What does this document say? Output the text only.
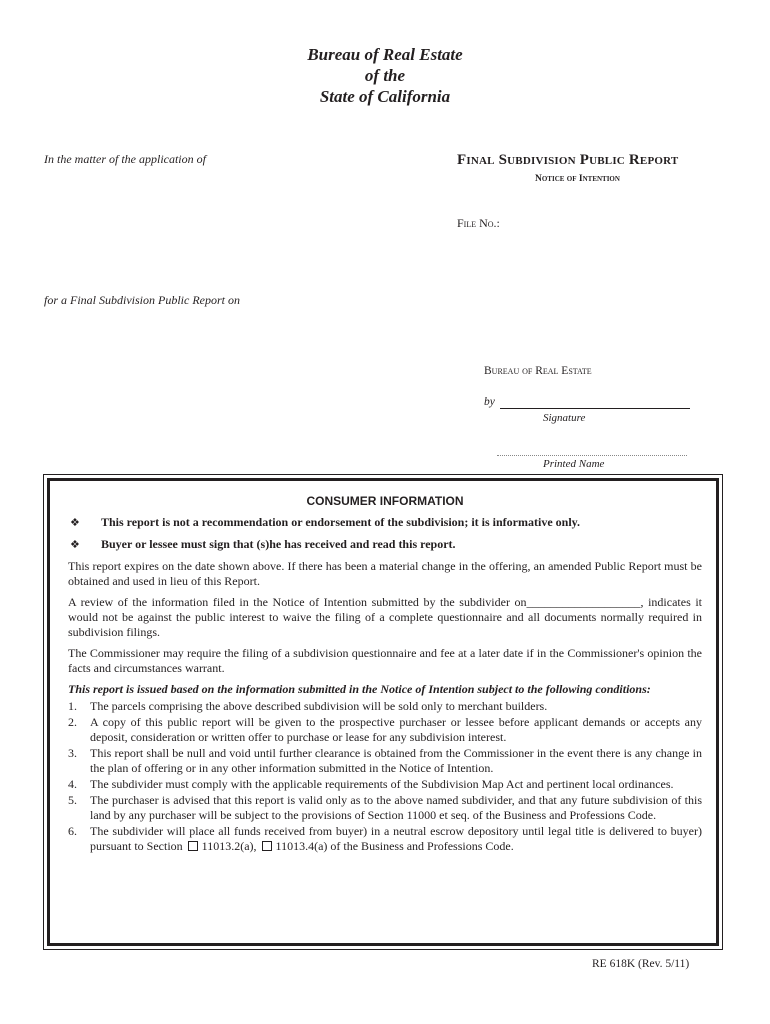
Bureau of Real Estate
of the
State of California
In the matter of the application of	Final Subdivision Public Report
Notice of Intention
File No.:
for a Final Subdivision Public Report on
Bureau of Real Estate
by
Signature
Printed Name
CONSUMER INFORMATION
❖	This report is not a recommendation or endorsement of the subdivision; it is informative only.
❖	Buyer or lessee must sign that (s)he has received and read this report.
This report expires on the date shown above. If there has been a material change in the offering, an amended Public Report must be obtained and used in lieu of this Report.
A review of the information filed in the Notice of Intention submitted by the subdivider on___________________, indicates it would not be against the public interest to waive the filing of a complete questionnaire and all documents normally required in subdivision filings.
The Commissioner may require the filing of a subdivision questionnaire and fee at a later date if in the Commissioner's opinion the facts and circumstances warrant.
This report is issued based on the information submitted in the Notice of Intention subject to the following conditions:
1.	The parcels comprising the above described subdivision will be sold only to merchant builders.
2.	A copy of this public report will be given to the prospective purchaser or lessee before applicant demands or accepts any deposit, consideration or written offer to purchase or lease for any subdivision interest.
3.	This report shall be null and void until further clearance is obtained from the Commissioner in the event there is any change in the plan of offering or in any other information submitted in the Notice of Intention.
4.	The subdivider must comply with the applicable requirements of the Subdivision Map Act and pertinent local ordinances.
5.	The purchaser is advised that this report is valid only as to the above named subdivider, and that any future subdivision of this land by any purchaser will be subject to the provisions of Section 11000 et seq. of the Business and Professions Code.
6.	The subdivider will place all funds received from buyer) in a neutral escrow depository until legal title is delivered to buyer) pursuant to Section 11013.2(a), 11013.4(a) of the Business and Professions Code.
RE 618K (Rev. 5/11)
